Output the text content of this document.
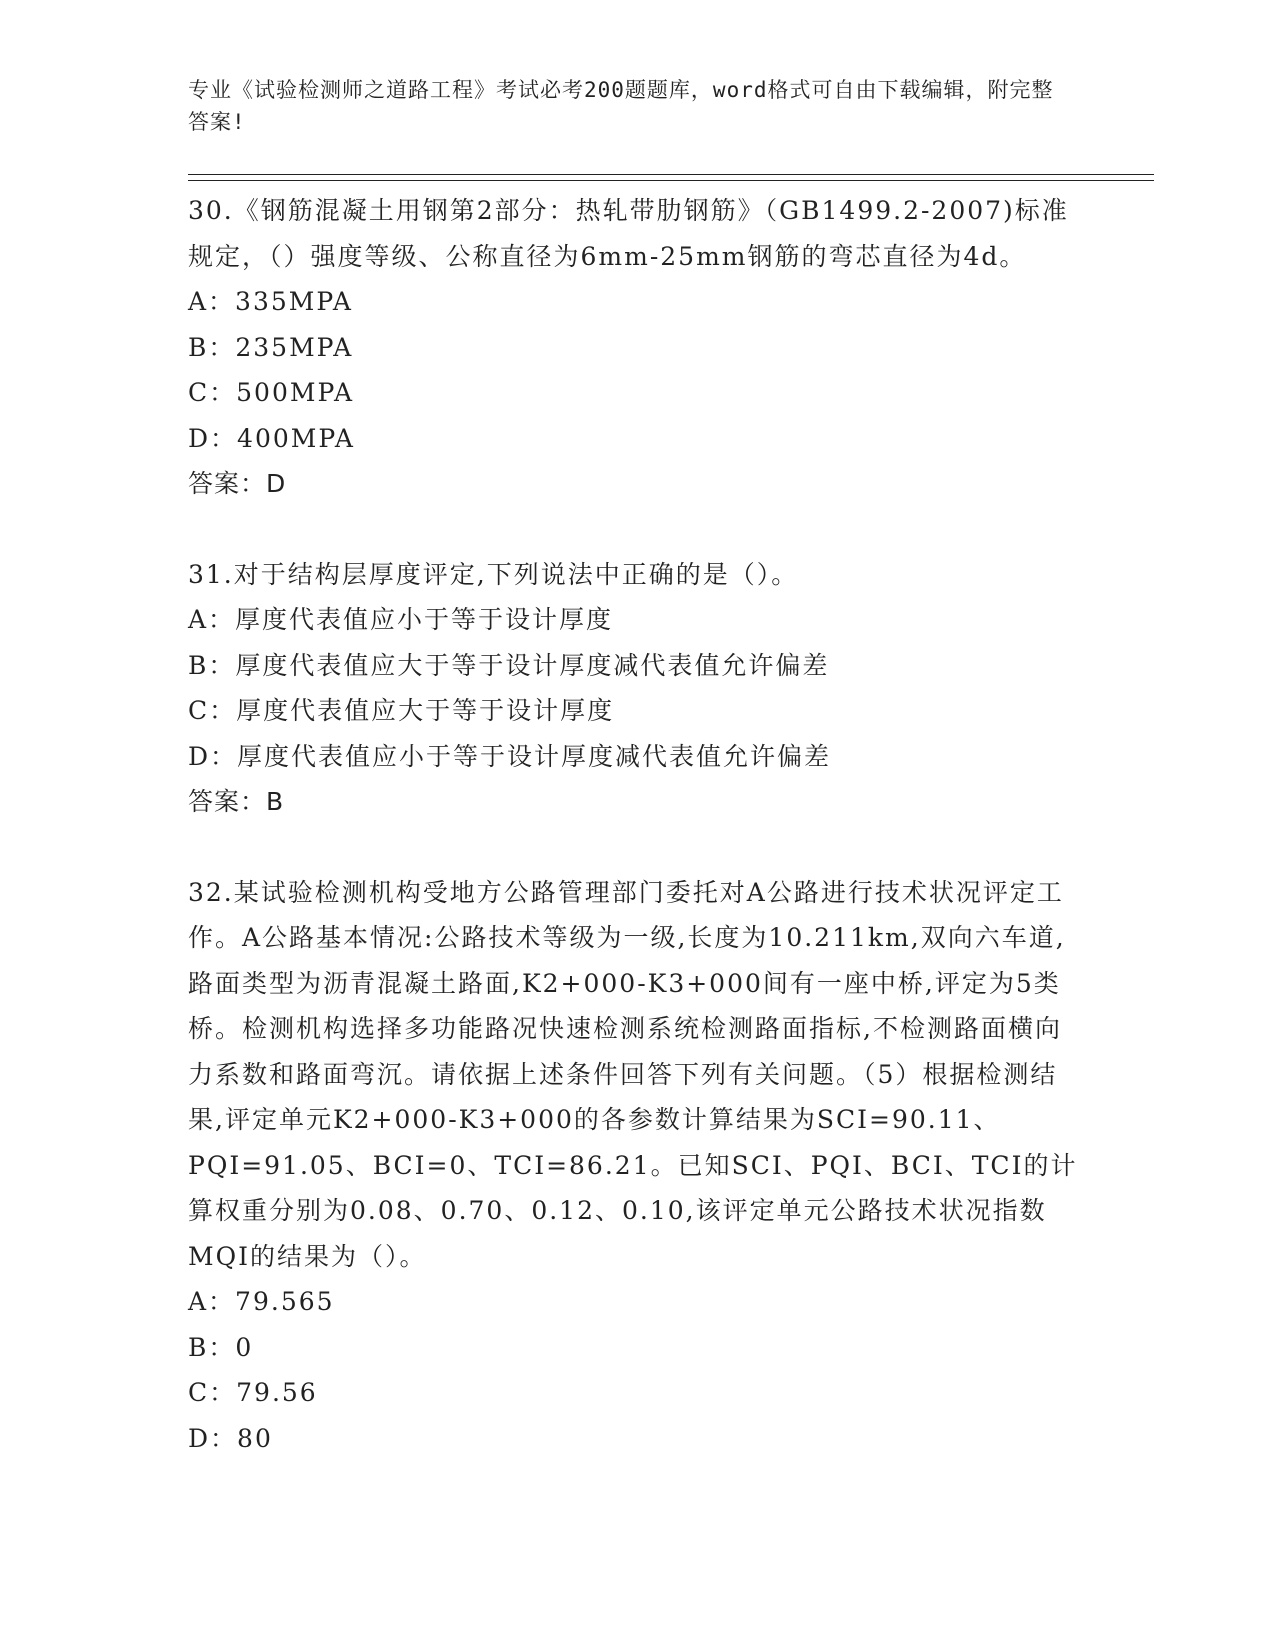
专业《试验检测师之道路工程》考试必考200题题库，word格式可自由下载编辑，附完整答案!
30.《钢筋混凝土用钢第2部分：热轧带肋钢筋》（GB1499.2-2007)标准规定，（）强度等级、公称直径为6mm-25mm钢筋的弯芯直径为4d。
A：335MPA
B：235MPA
C：500MPA
D：400MPA
答案：D
31.对于结构层厚度评定,下列说法中正确的是（）。
A：厚度代表值应小于等于设计厚度
B：厚度代表值应大于等于设计厚度减代表值允许偏差
C：厚度代表值应大于等于设计厚度
D：厚度代表值应小于等于设计厚度减代表值允许偏差
答案：B
32.某试验检测机构受地方公路管理部门委托对A公路进行技术状况评定工作。A公路基本情况:公路技术等级为一级,长度为10.211km,双向六车道,路面类型为沥青混凝土路面,K2+000-K3+000间有一座中桥,评定为5类桥。检测机构选择多功能路况快速检测系统检测路面指标,不检测路面横向力系数和路面弯沉。请依据上述条件回答下列有关问题。（5）根据检测结果,评定单元K2+000-K3+000的各参数计算结果为SCI=90.11、PQI=91.05、BCI=0、TCI=86.21。已知SCI、PQI、BCI、TCI的计算权重分别为0.08、0.70、0.12、0.10,该评定单元公路技术状况指数MQI的结果为（）。
A：79.565
B：0
C：79.56
D：80
